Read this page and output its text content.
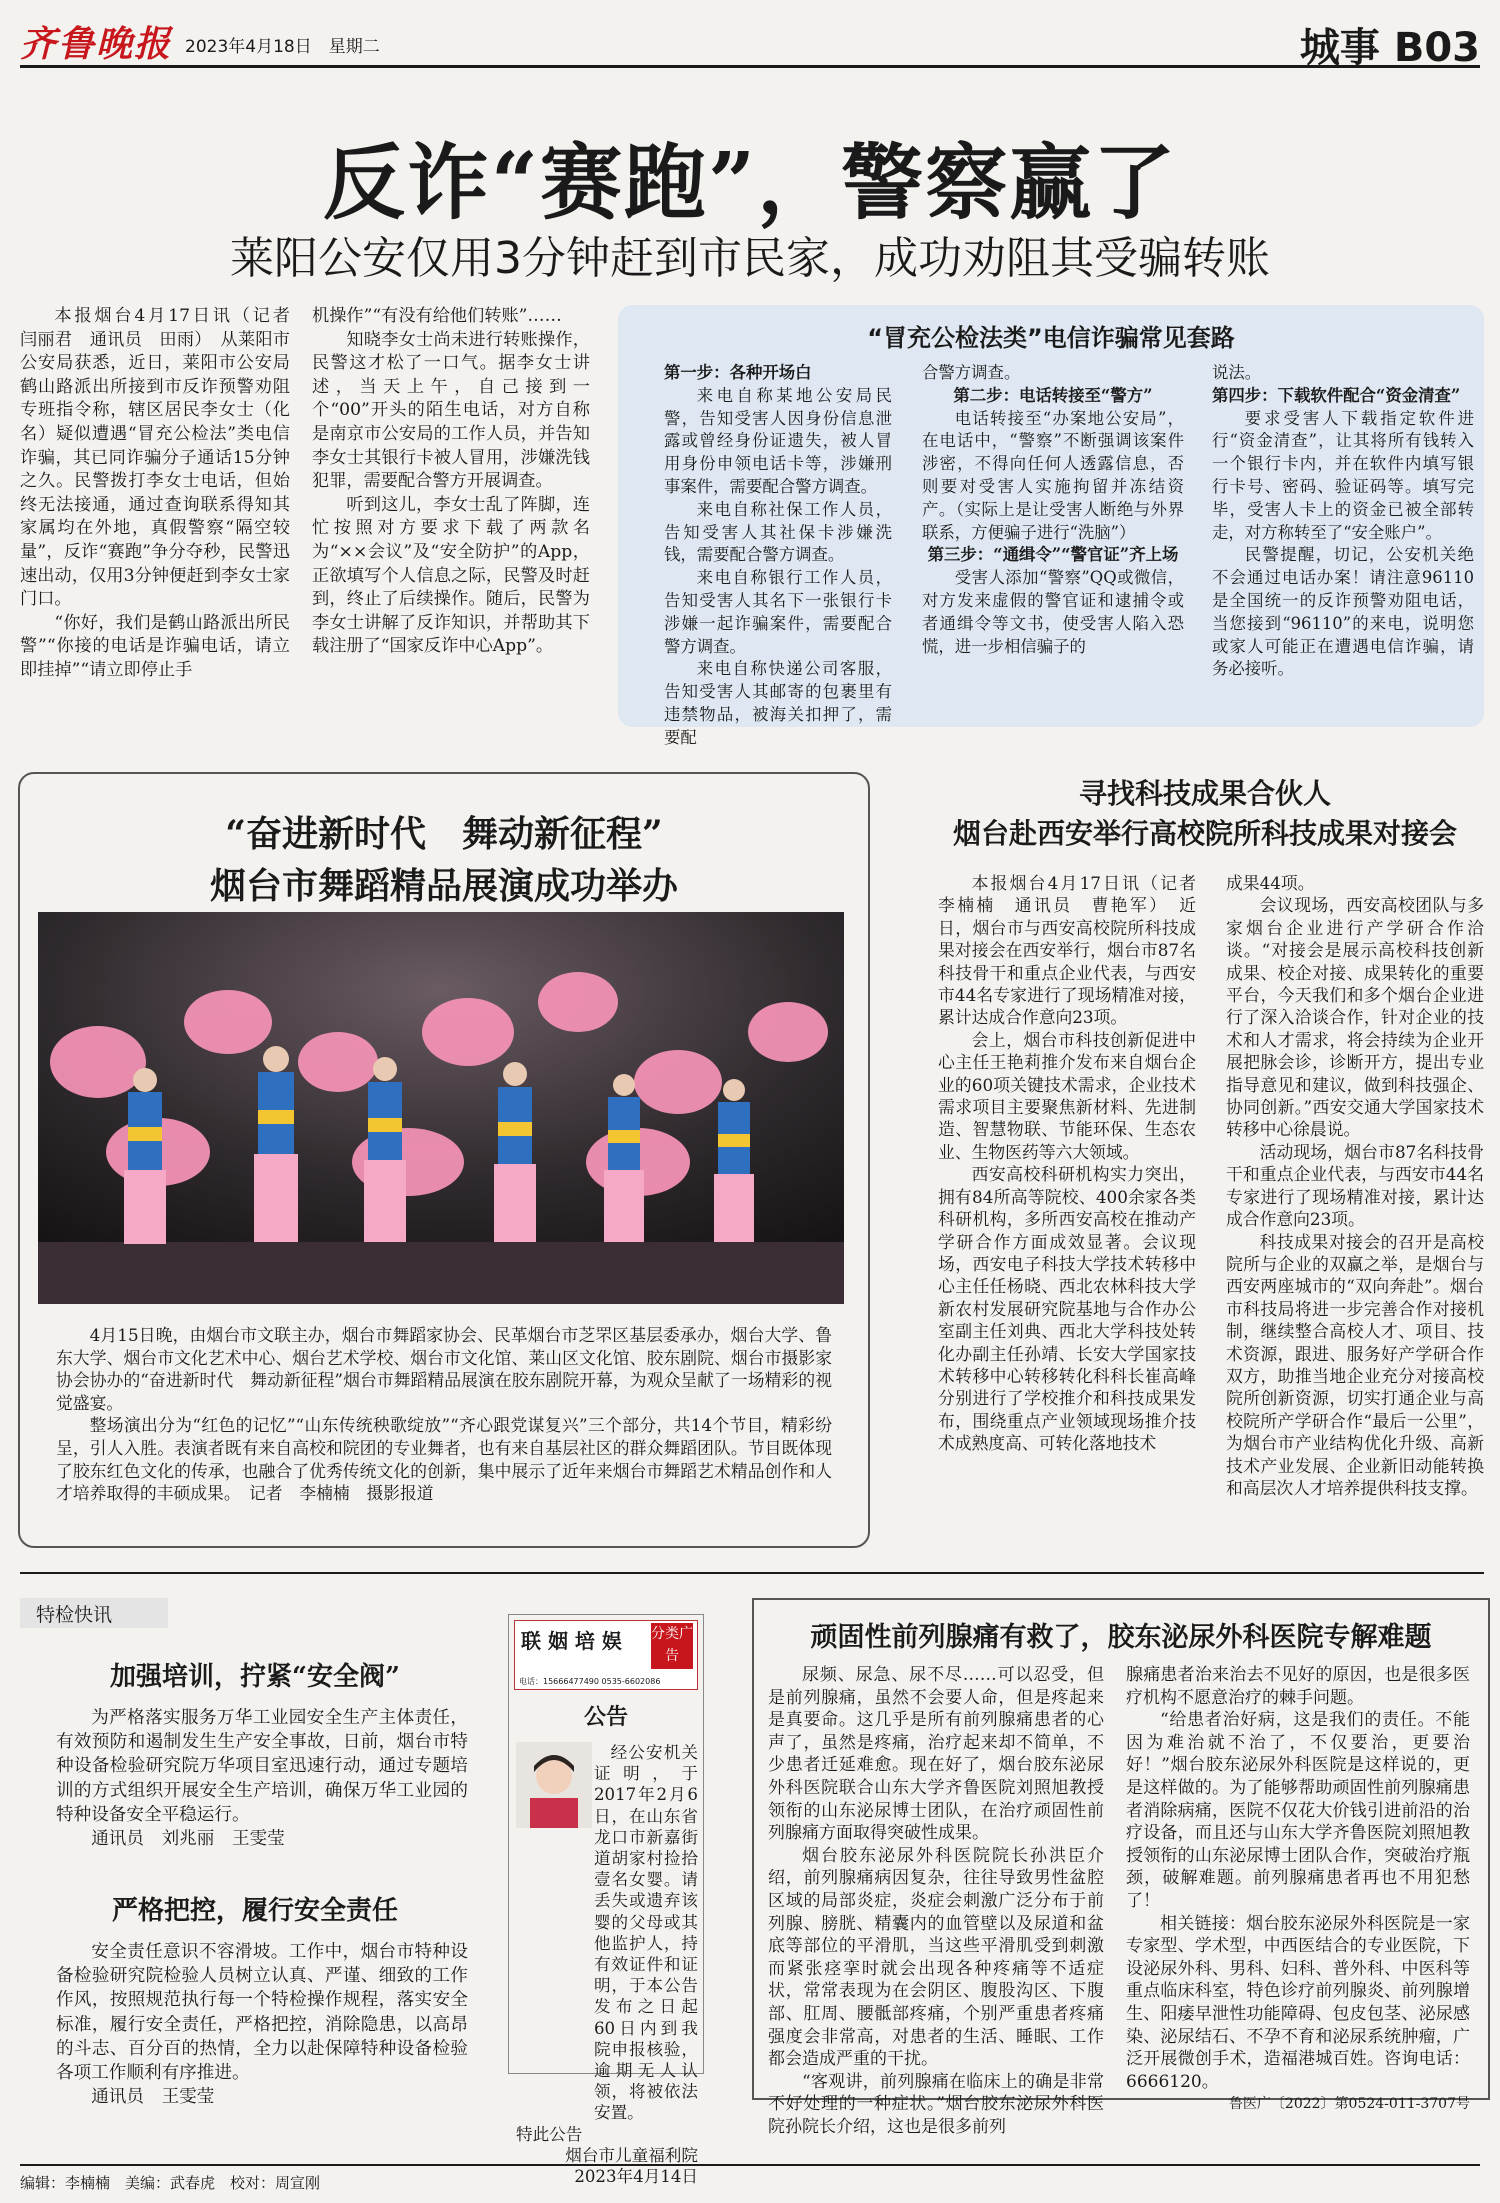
齐鲁晚报 2023年4月18日　星期二	城事 B03
反诈“赛跑”，警察赢了
莱阳公安仅用3分钟赶到市民家，成功劝阻其受骗转账

本报烟台4月17日讯（记者　闫丽君　通讯员　田雨）　从莱阳市公安局获悉，近日，莱阳市公安局鹤山路派出所接到市反诈预警劝阻专班指令称，辖区居民李女士（化名）疑似遭遇“冒充公检法”类电信诈骗，其已同诈骗分子通话15分钟之久。民警拨打李女士电话，但始终无法接通，通过查询联系得知其家属均在外地，真假警察“隔空较量”，反诈“赛跑”争分夺秒，民警迅速出动，仅用3分钟便赶到李女士家门口。

“你好，我们是鹤山路派出所民警”“你接的电话是诈骗电话，请立即挂掉”“请立即停止手

机操作”“有没有给他们转账”……

知晓李女士尚未进行转账操作，民警这才松了一口气。据李女士讲述，当天上午，自己接到一个“00”开头的陌生电话，对方自称是南京市公安局的工作人员，并告知李女士其银行卡被人冒用，涉嫌洗钱犯罪，需要配合警方开展调查。

听到这儿，李女士乱了阵脚，连忙按照对方要求下载了两款名为“××会议”及“安全防护”的App，正欲填写个人信息之际，民警及时赶到，终止了后续操作。随后，民警为李女士讲解了反诈知识，并帮助其下载注册了“国家反诈中心App”。

“冒充公检法类”电信诈骗常见套路
第一步：各种开场白

来电自称某地公安局民警，告知受害人因身份信息泄露或曾经身份证遗失，被人冒用身份申领电话卡等，涉嫌刑事案件，需要配合警方调查。

来电自称社保工作人员，告知受害人其社保卡涉嫌洗钱，需要配合警方调查。

来电自称银行工作人员，告知受害人其名下一张银行卡涉嫌一起诈骗案件，需要配合警方调查。

来电自称快递公司客服，告知受害人其邮寄的包裹里有违禁物品，被海关扣押了，需要配

合警方调查。
第二步：电话转接至“警方”

电话转接至“办案地公安局”，在电话中，“警察”不断强调该案件涉密，不得向任何人透露信息，否则要对受害人实施拘留并冻结资产。（实际上是让受害人断绝与外界联系，方便骗子进行“洗脑”）

第三步：“通缉令”“警官证”齐上场

受害人添加“警察”QQ或微信，对方发来虚假的警官证和逮捕令或者通缉令等文书，使受害人陷入恐慌，进一步相信骗子的

说法。
第四步：下载软件配合“资金清查”

要求受害人下载指定软件进行“资金清查”，让其将所有钱转入一个银行卡内，并在软件内填写银行卡号、密码、验证码等。填写完毕，受害人卡上的资金已被全部转走，对方称转至了“安全账户”。

民警提醒，切记，公安机关绝不会通过电话办案！请注意96110是全国统一的反诈预警劝阻电话，当您接到“96110”的来电，说明您或家人可能正在遭遇电信诈骗，请务必接听。

“奋进新时代　舞动新征程”
烟台市舞蹈精品展演成功举办

4月15日晚，由烟台市文联主办，烟台市舞蹈家协会、民革烟台市芝罘区基层委承办，烟台大学、鲁东大学、烟台市文化艺术中心、烟台艺术学校、烟台市文化馆、莱山区文化馆、胶东剧院、烟台市摄影家协会协办的“奋进新时代　舞动新征程”烟台市舞蹈精品展演在胶东剧院开幕，为观众呈献了一场精彩的视觉盛宴。

整场演出分为“红色的记忆”“山东传统秧歌绽放”“齐心跟党谋复兴”三个部分，共14个节目，精彩纷呈，引人入胜。表演者既有来自高校和院团的专业舞者，也有来自基层社区的群众舞蹈团队。节目既体现了胶东红色文化的传承，也融合了优秀传统文化的创新，集中展示了近年来烟台市舞蹈艺术精品创作和人才培养取得的丰硕成果。　记者　李楠楠　摄影报道

寻找科技成果合伙人
烟台赴西安举行高校院所科技成果对接会

本报烟台4月17日讯（记者　李楠楠　通讯员　曹艳军）　近日，烟台市与西安高校院所科技成果对接会在西安举行，烟台市87名科技骨干和重点企业代表，与西安市44名专家进行了现场精准对接，累计达成合作意向23项。

会上，烟台市科技创新促进中心主任王艳莉推介发布来自烟台企业的60项关键技术需求，企业技术需求项目主要聚焦新材料、先进制造、智慧物联、节能环保、生态农业、生物医药等六大领域。

西安高校科研机构实力突出，拥有84所高等院校、400余家各类科研机构，多所西安高校在推动产学研合作方面成效显著。会议现场，西安电子科技大学技术转移中心主任任杨晓、西北农林科技大学新农村发展研究院基地与合作办公室副主任刘典、西北大学科技处转化办副主任孙靖、长安大学国家技术转移中心转移转化科科长崔高峰分别进行了学校推介和科技成果发布，围绕重点产业领域现场推介技术成熟度高、可转化落地技术

成果44项。

会议现场，西安高校团队与多家烟台企业进行产学研合作洽谈。“对接会是展示高校科技创新成果、校企对接、成果转化的重要平台，今天我们和多个烟台企业进行了深入洽谈合作，针对企业的技术和人才需求，将会持续为企业开展把脉会诊，诊断开方，提出专业指导意见和建议，做到科技强企、协同创新。”西安交通大学国家技术转移中心徐晨说。

活动现场，烟台市87名科技骨干和重点企业代表，与西安市44名专家进行了现场精准对接，累计达成合作意向23项。

科技成果对接会的召开是高校院所与企业的双赢之举，是烟台与西安两座城市的“双向奔赴”。烟台市科技局将进一步完善合作对接机制，继续整合高校人才、项目、技术资源，跟进、服务好产学研合作双方，助推当地企业充分对接高校院所创新资源，切实打通企业与高校院所产学研合作“最后一公里”，为烟台市产业结构优化升级、高新技术产业发展、企业新旧动能转换和高层次人才培养提供科技支撑。

特检快讯
加强培训，拧紧“安全阀”

为严格落实服务万华工业园安全生产主体责任，有效预防和遏制发生生产安全事故，日前，烟台市特种设备检验研究院万华项目室迅速行动，通过专题培训的方式组织开展安全生产培训，确保万华工业园的特种设备安全平稳运行。

通讯员　刘兆丽　王雯莹

严格把控，履行安全责任

安全责任意识不容滑坡。工作中，烟台市特种设备检验研究院检验人员树立认真、严谨、细致的工作作风，按照规范执行每一个特检操作规程，落实安全标准，履行安全责任，严格把控，消除隐患，以高昂的斗志、百分百的热情，全力以赴保障特种设备检验各项工作顺利有序推进。

通讯员　王雯莹

联 姻 培 娱 分类广告
电话：15666477490 0535-6602086
公告

经公安机关证明，于2017年2月6日，在山东省龙口市新嘉街道胡家村捡拾壹名女婴。请丢失或遗弃该婴的父母或其他监护人，持有效证件和证明，于本公告发布之日起60日内到我院申报核验，逾期无人认领，将被依法安置。

特此公告
烟台市儿童福利院
2023年4月14日
顽固性前列腺痛有救了，胶东泌尿外科医院专解难题

尿频、尿急、尿不尽……可以忍受，但是前列腺痛，虽然不会要人命，但是疼起来是真要命。这几乎是所有前列腺痛患者的心声了，虽然是疼痛，治疗起来却不简单，不少患者迁延难愈。现在好了，烟台胶东泌尿外科医院联合山东大学齐鲁医院刘照旭教授领衔的山东泌尿博士团队，在治疗顽固性前列腺痛方面取得突破性成果。

烟台胶东泌尿外科医院院长孙洪臣介绍，前列腺痛病因复杂，往往导致男性盆腔区域的局部炎症，炎症会刺激广泛分布于前列腺、膀胱、精囊内的血管壁以及尿道和盆底等部位的平滑肌，当这些平滑肌受到刺激而紧张痉挛时就会出现各种疼痛等不适症状，常常表现为在会阴区、腹股沟区、下腹部、肛周、腰骶部疼痛，个别严重患者疼痛强度会非常高，对患者的生活、睡眠、工作都会造成严重的干扰。

“客观讲，前列腺痛在临床上的确是非常不好处理的一种症状。”烟台胶东泌尿外科医院孙院长介绍，这也是很多前列

腺痛患者治来治去不见好的原因，也是很多医疗机构不愿意治疗的棘手问题。

“给患者治好病，这是我们的责任。不能因为难治就不治了，不仅要治，更要治好！”烟台胶东泌尿外科医院是这样说的，更是这样做的。为了能够帮助顽固性前列腺痛患者消除病痛，医院不仅花大价钱引进前沿的治疗设备，而且还与山东大学齐鲁医院刘照旭教授领衔的山东泌尿博士团队合作，突破治疗瓶颈，破解难题。前列腺痛患者再也不用犯愁了！

相关链接：烟台胶东泌尿外科医院是一家专家型、学术型，中西医结合的专业医院，下设泌尿外科、男科、妇科、普外科、中医科等重点临床科室，特色诊疗前列腺炎、前列腺增生、阳痿早泄性功能障碍、包皮包茎、泌尿感染、泌尿结石、不孕不育和泌尿系统肿瘤，广泛开展微创手术，造福港城百姓。咨询电话：6666120。

鲁医广〔2022〕第0524-011-3707号
编辑：李楠楠　美编：武春虎　校对：周宣刚
